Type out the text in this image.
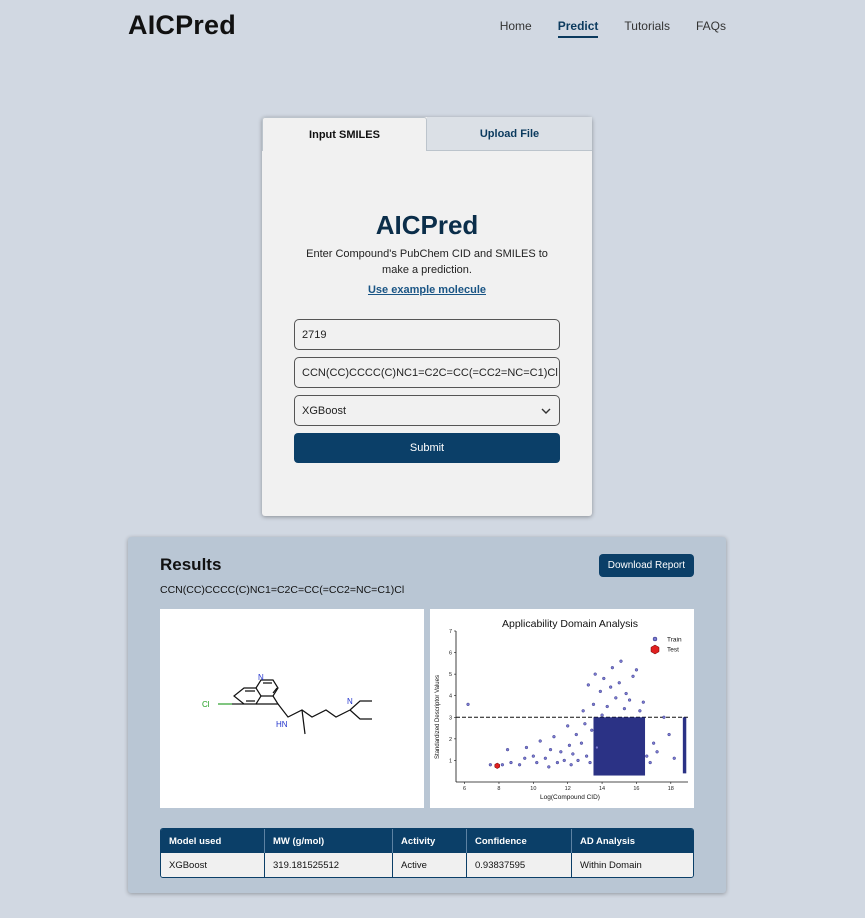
AICPred	Home Predict Tutorials FAQs
Input SMILES	Upload File
AICPred

Enter Compound's PubChem CID and SMILES to make a prediction.

Use example molecule
2719
CCN(CC)CCCC(C)NC1=C2C=CC(=CC2=NC=C1)Cl
XGBoost
Submit
Results	Download Report
CCN(CC)CCCC(C)NC1=C2C=CC(=CC2=NC=C1)Cl
Cl
N
HN
N
Applicability Domain Analysis
6	8	10	12	14	16	18
1
2
3
4
5
6
7
Log(Compound CID)
Standardized Descriptor Values
Train
Test
Model used	MW (g/mol)	Activity	Confidence	AD Analysis
XGBoost	319.181525512	Active	0.93837595	Within Domain
